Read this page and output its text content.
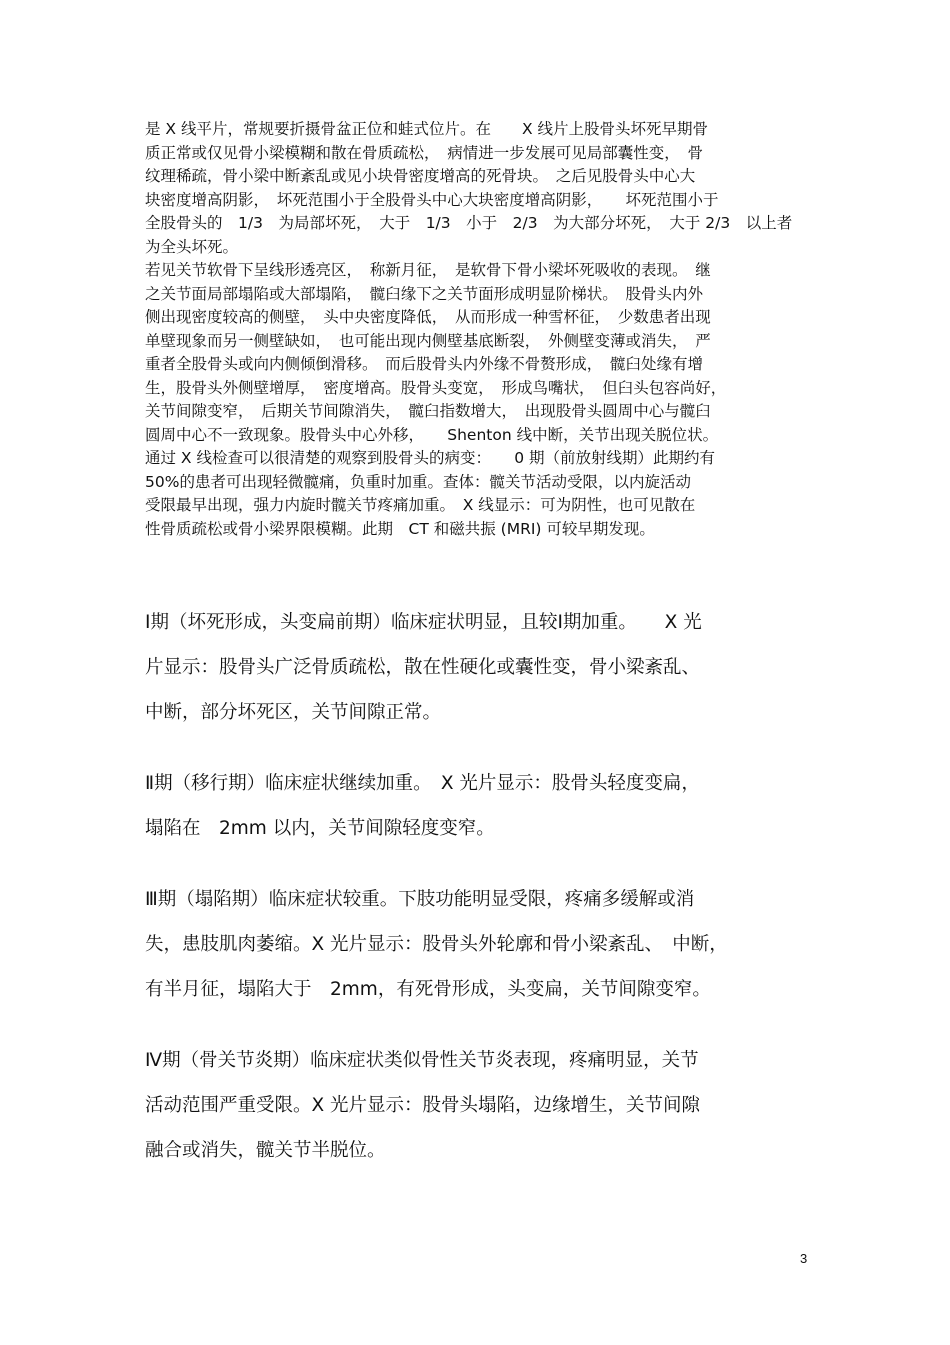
是 X 线平片，常规要折摄骨盆正位和蛙式位片。在　　X 线片上股骨头坏死早期骨
质正常或仅见骨小梁模糊和散在骨质疏松，　病情进一步发展可见局部囊性变，　骨
纹理稀疏，骨小梁中断紊乱或见小块骨密度增高的死骨块。　之后见股骨头中心大
块密度增高阴影，　坏死范围小于全股骨头中心大块密度增高阴影，　　坏死范围小于
全股骨头的　1/3　为局部坏死，　大于　1/3　小于　2/3　为大部分坏死，　大于 2/3　以上者
为全头坏死。
若见关节软骨下呈线形透亮区，　称新月征，　是软骨下骨小梁坏死吸收的表现。　继
之关节面局部塌陷或大部塌陷，　髋臼缘下之关节面形成明显阶梯状。　股骨头内外
侧出现密度较高的侧壁，　头中央密度降低，　从而形成一种雪杯征，　少数患者出现
单壁现象而另一侧壁缺如，　也可能出现内侧壁基底断裂，　外侧壁变薄或消失，　严
重者全股骨头或向内侧倾倒滑移。　而后股骨头内外缘不骨赘形成，　髋臼处缘有增
生，股骨头外侧壁增厚，　密度增高。股骨头变宽，　形成鸟嘴状，　但臼头包容尚好，
关节间隙变窄，　后期关节间隙消失，　髋臼指数增大，　出现股骨头圆周中心与髋臼
圆周中心不一致现象。股骨头中心外移，　　Shenton 线中断，关节出现关脱位状。
通过 X 线检查可以很清楚的观察到股骨头的病变：　　0 期（前放射线期）此期约有
50%的患者可出现轻微髋痛，负重时加重。查体：髋关节活动受限，以内旋活动
受限最早出现，强力内旋时髋关节疼痛加重。　X 线显示：可为阴性，也可见散在
性骨质疏松或骨小梁界限模糊。此期　CT 和磁共振 (MRI) 可较早期发现。
Ⅰ期（坏死形成，头变扁前期）临床症状明显，且较Ⅰ期加重。　　X 光
片显示：股骨头广泛骨质疏松，散在性硬化或囊性变，骨小梁紊乱、
中断，部分坏死区，关节间隙正常。
Ⅱ期（移行期）临床症状继续加重。　X 光片显示：股骨头轻度变扁，
塌陷在　2mm 以内，关节间隙轻度变窄。
Ⅲ期（塌陷期）临床症状较重。下肢功能明显受限，疼痛多缓解或消
失，患肢肌肉萎缩。X 光片显示：股骨头外轮廓和骨小梁紊乱、　中断，
有半月征，塌陷大于　2mm，有死骨形成，头变扁，关节间隙变窄。
Ⅳ期（骨关节炎期）临床症状类似骨性关节炎表现，疼痛明显，关节
活动范围严重受限。X 光片显示：股骨头塌陷，边缘增生，关节间隙
融合或消失，髋关节半脱位。
3
